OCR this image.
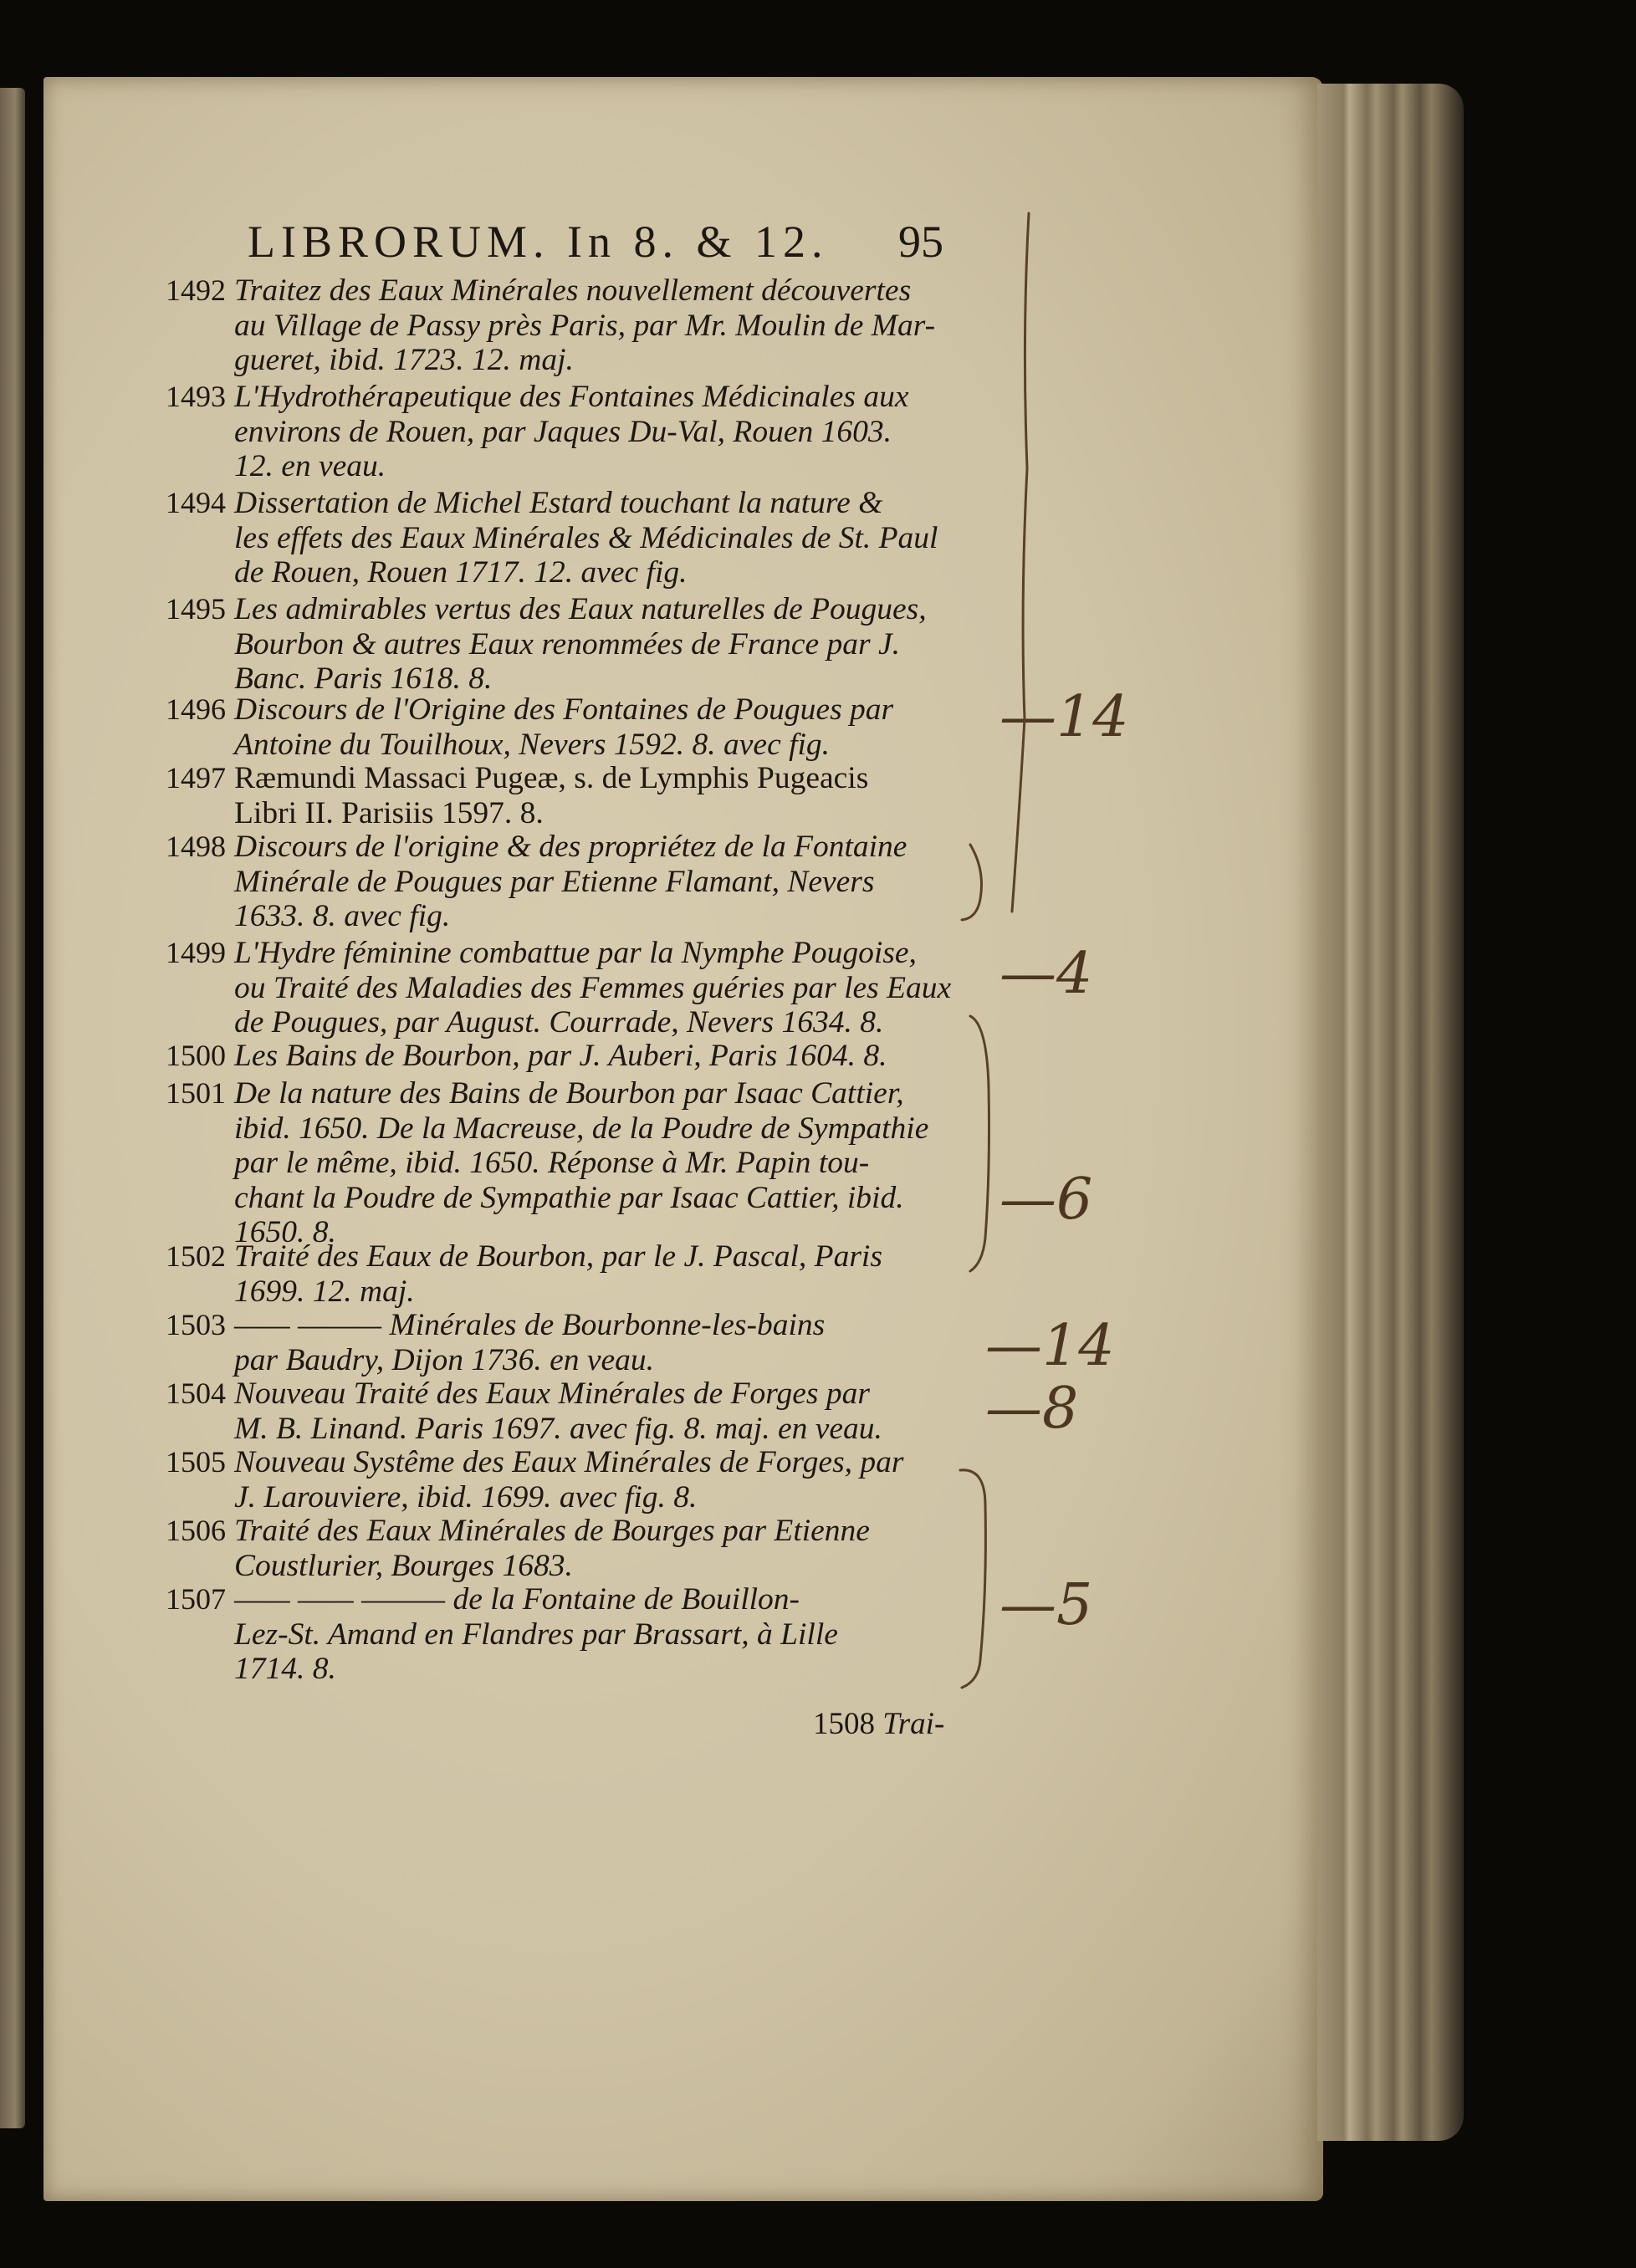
LIBRORUM. In 8. & 12. 95
1492 Traitez des Eaux Minérales nouvellement découvertes
au Village de Passy près Paris, par Mr. Moulin de Mar-
gueret, ibid. 1723. 12. maj.
1493 L'Hydrothérapeutique des Fontaines Médicinales aux
environs de Rouen, par Jaques Du-Val, Rouen 1603.
12. en veau.
1494 Dissertation de Michel Estard touchant la nature &
les effets des Eaux Minérales & Médicinales de St. Paul
de Rouen, Rouen 1717. 12. avec fig.
1495 Les admirables vertus des Eaux naturelles de Pougues,
Bourbon & autres Eaux renommées de France par J.
Banc. Paris 1618. 8.
1496 Discours de l'Origine des Fontaines de Pougues par
Antoine du Touilhoux, Nevers 1592. 8. avec fig.
1497 Ræmundi Massaci Pugeæ, s. de Lymphis Pugeacis
Libri II. Parisiis 1597. 8.
1498 Discours de l'origine & des propriétez de la Fontaine
Minérale de Pougues par Etienne Flamant, Nevers
1633. 8. avec fig.
1499 L'Hydre féminine combattue par la Nymphe Pougoise,
ou Traité des Maladies des Femmes guéries par les Eaux
de Pougues, par August. Courrade, Nevers 1634. 8.
1500 Les Bains de Bourbon, par J. Auberi, Paris 1604. 8.
1501 De la nature des Bains de Bourbon par Isaac Cattier,
ibid. 1650. De la Macreuse, de la Poudre de Sympathie
par le même, ibid. 1650. Réponse à Mr. Papin tou-
chant la Poudre de Sympathie par Isaac Cattier, ibid.
1650. 8.
1502 Traité des Eaux de Bourbon, par le J. Pascal, Paris
1699. 12. maj.
1503 —— ——— Minérales de Bourbonne-les-bains
par Baudry, Dijon 1736. en veau.
1504 Nouveau Traité des Eaux Minérales de Forges par
M. B. Linand. Paris 1697. avec fig. 8. maj. en veau.
1505 Nouveau Systême des Eaux Minérales de Forges, par
J. Larouviere, ibid. 1699. avec fig. 8.
1506 Traité des Eaux Minérales de Bourges par Etienne
Coustlurier, Bourges 1683.
1507 —— —— ——— de la Fontaine de Bouillon-
Lez-St. Amand en Flandres par Brassart, à Lille
1714. 8.
1508 Trai-
—14
—4
—6
—14
—8
—5
